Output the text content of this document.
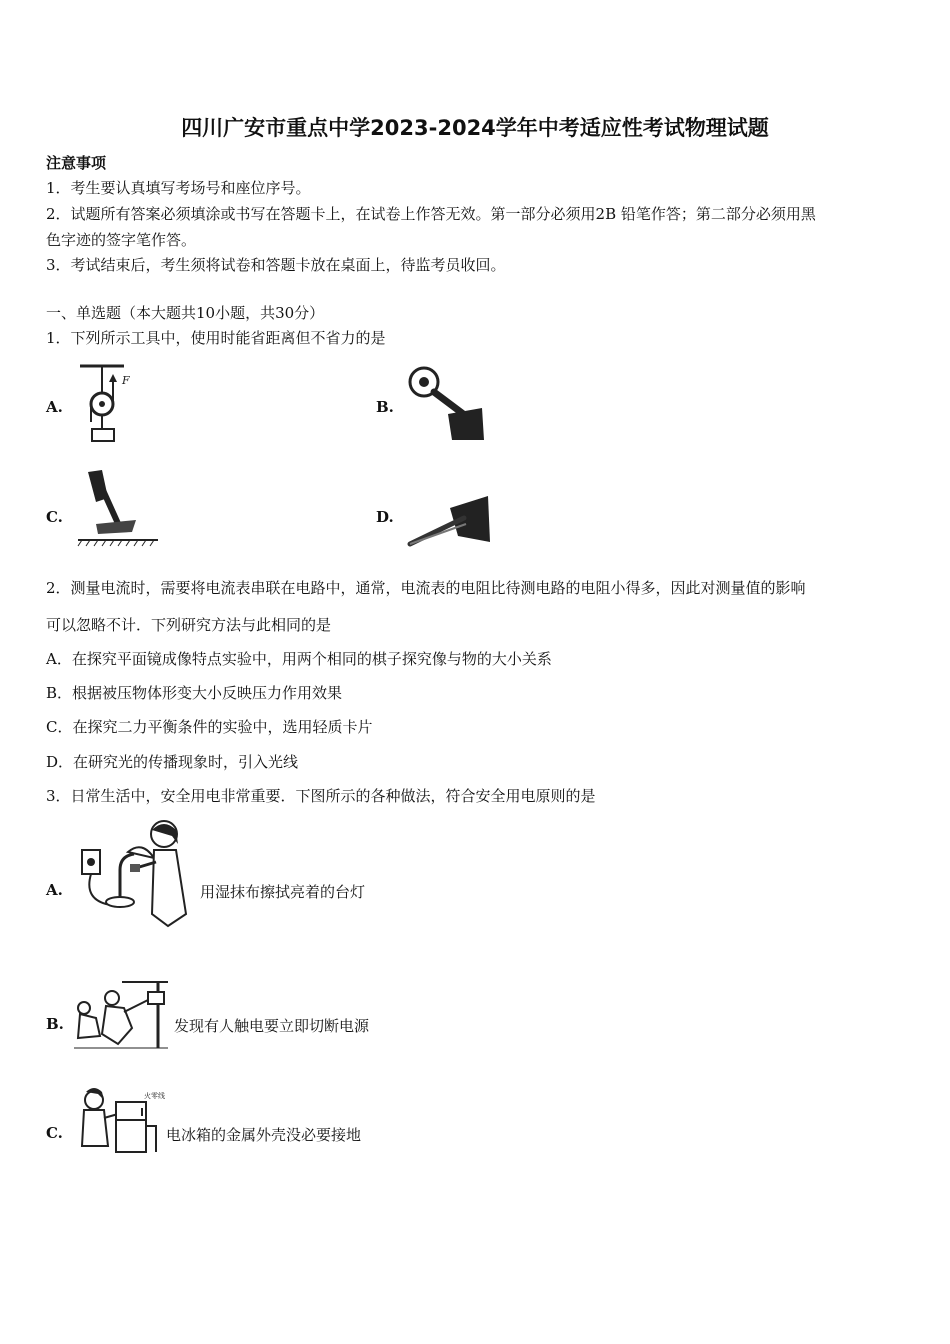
四川广安市重点中学2023-2024学年中考适应性考试物理试题
注意事项
1．考生要认真填写考场号和座位序号。
2．试题所有答案必须填涂或书写在答题卡上，在试卷上作答无效。第一部分必须用2B 铅笔作答；第二部分必须用黑
色字迹的签字笔作答。
3．考试结束后，考生须将试卷和答题卡放在桌面上，待监考员收回。
一、单选题（本大题共10小题，共30分）
1．下列所示工具中，使用时能省距离但不省力的是
A.
F
B.
C.	D.
2．测量电流时，需要将电流表串联在电路中，通常，电流表的电阻比待测电路的电阻小得多，因此对测量值的影响
可以忽略不计．下列研究方法与此相同的是
A．在探究平面镜成像特点实验中，用两个相同的棋子探究像与物的大小关系
B．根据被压物体形变大小反映压力作用效果
C．在探究二力平衡条件的实验中，选用轻质卡片
D．在研究光的传播现象时，引入光线
3．日常生活中，安全用电非常重要．下图所示的各种做法，符合安全用电原则的是
A.	用湿抹布擦拭亮着的台灯
B.	发现有人触电要立即切断电源
C.
火零线
电冰箱的金属外壳没必要接地
